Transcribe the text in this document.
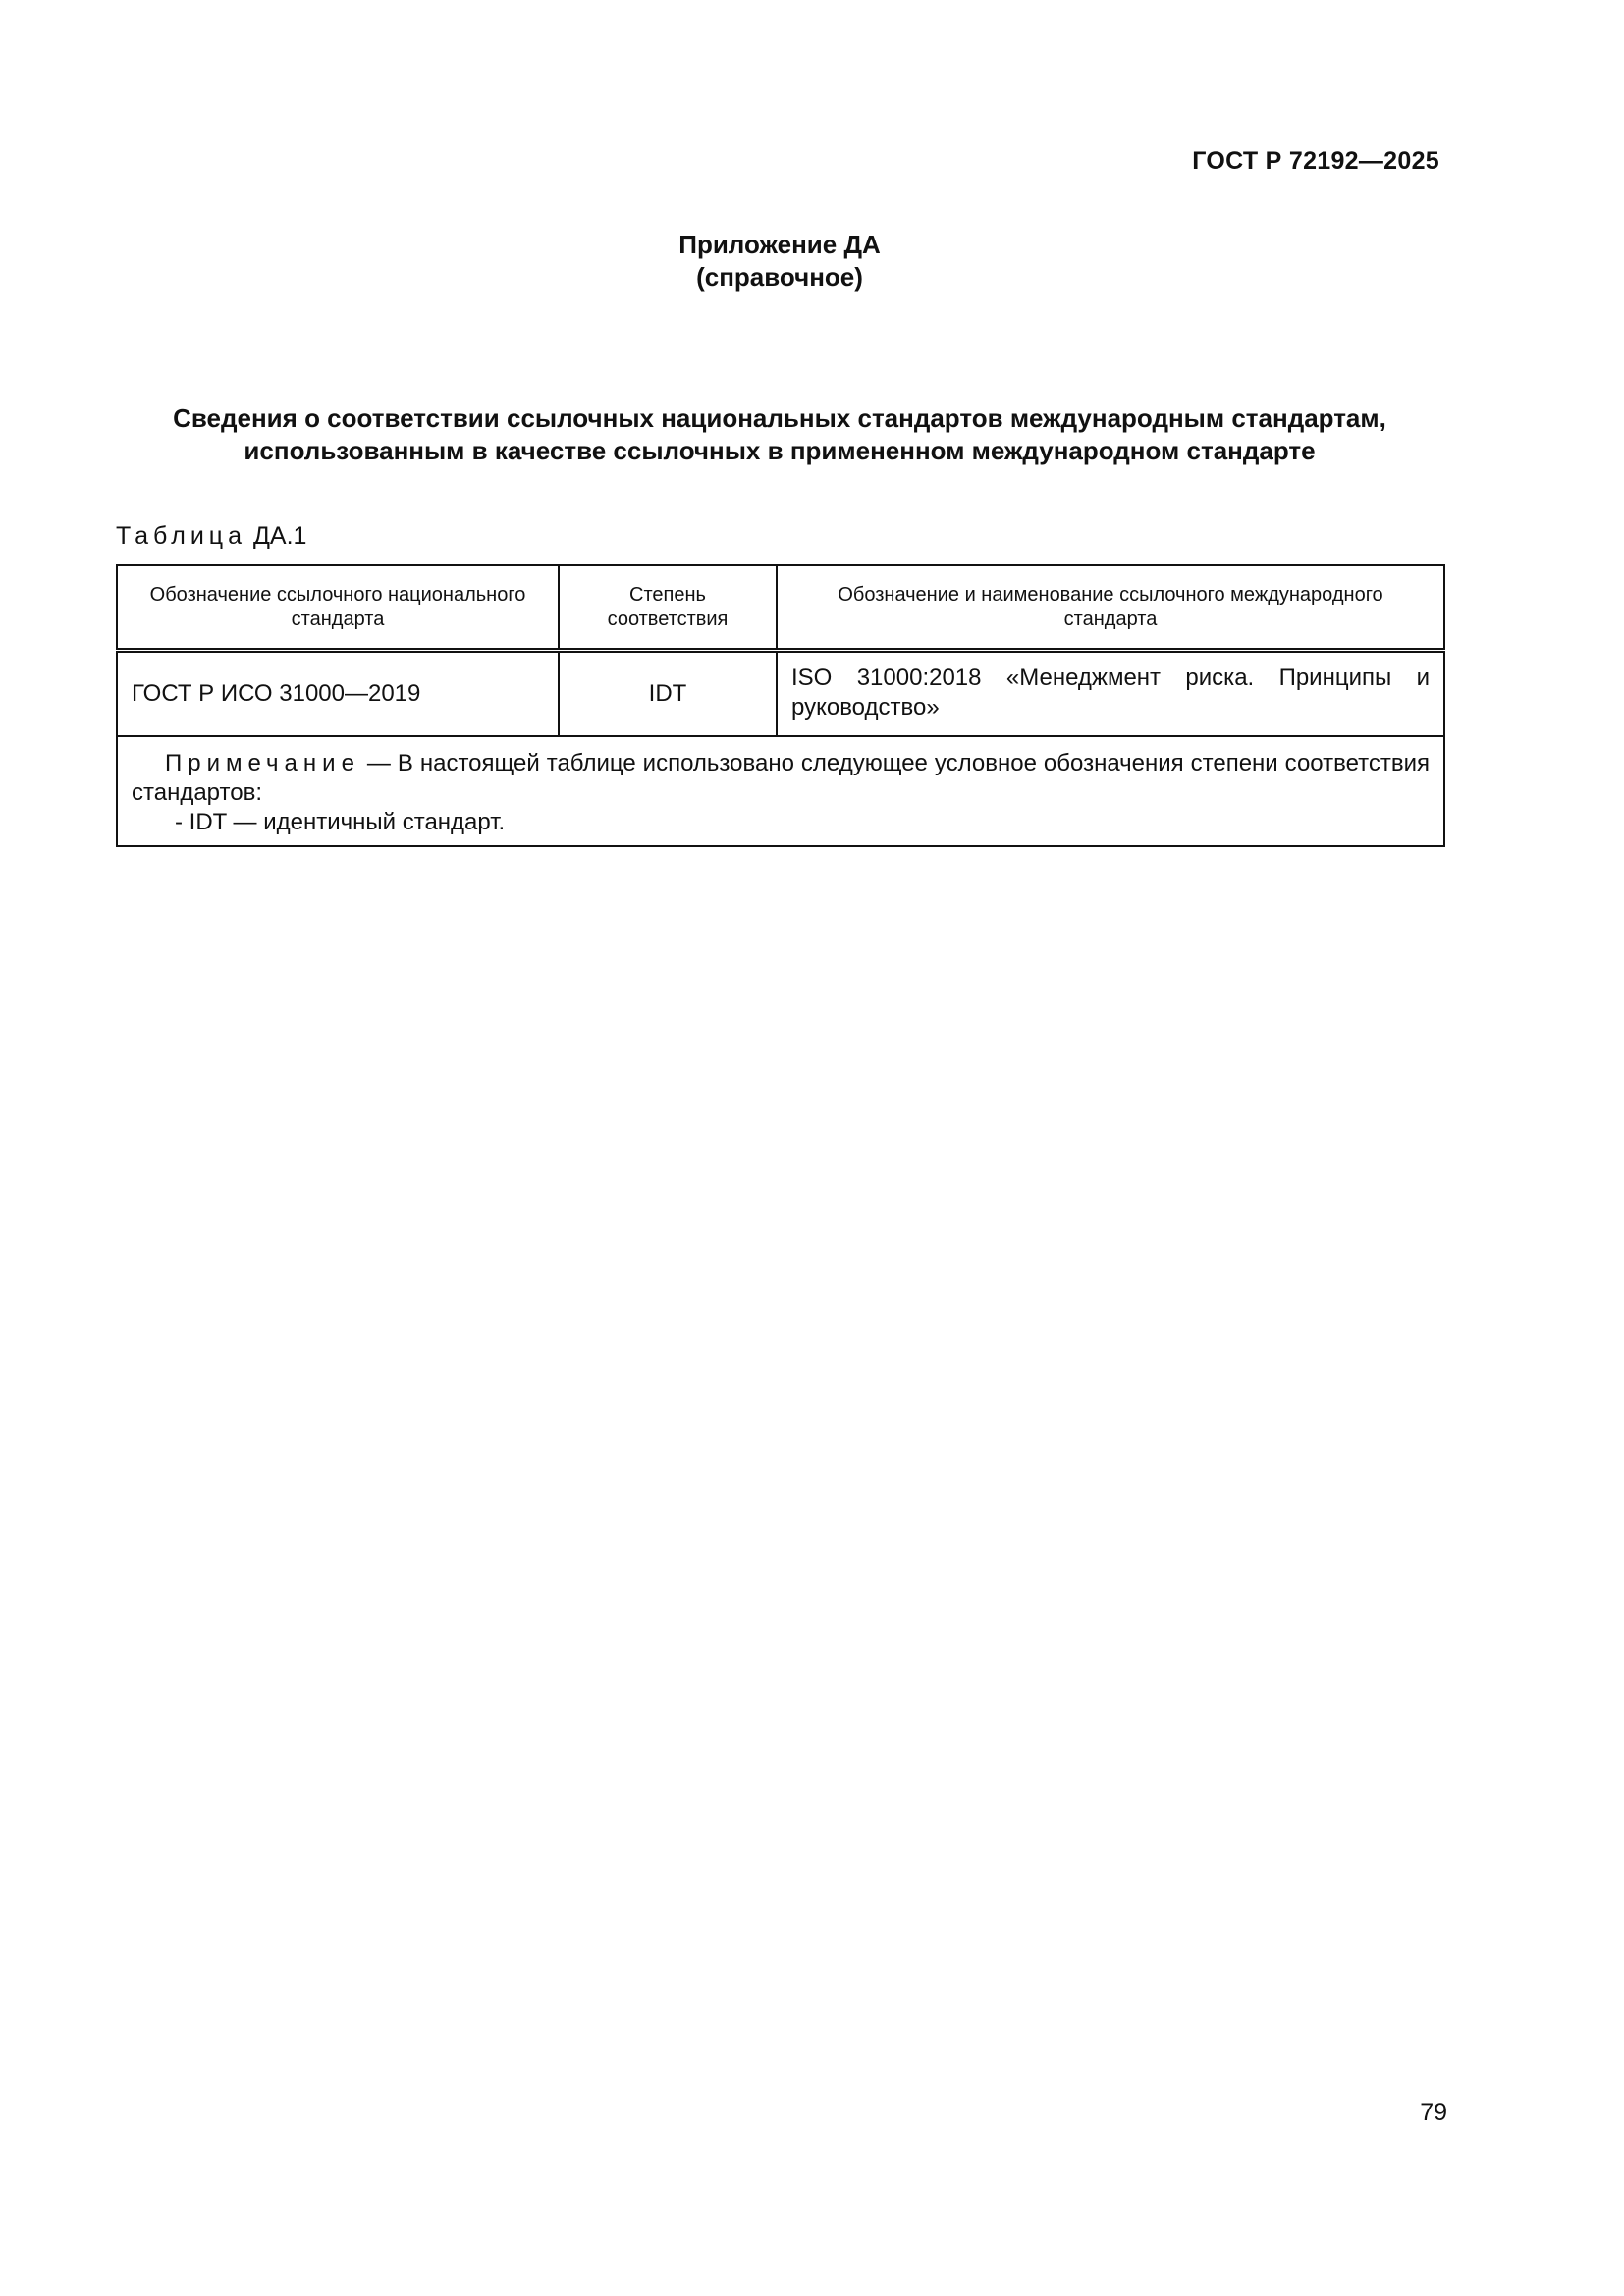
ГОСТ Р 72192—2025
Приложение ДА
(справочное)
Сведения о соответствии ссылочных национальных стандартов международным стандартам,
использованным в качестве ссылочных в примененном международном стандарте
Таблица ДА.1
Обозначение ссылочного национального стандарта	Степень соответствия	Обозначение и наименование ссылочного международного стандарта
ГОСТ Р ИСО 31000—2019	IDT	ISO 31000:2018 «Менеджмент риска. Принципы и руководство»
Примечание — В настоящей таблице использовано следующее условное обозначения степени соответствия стандартов:
- IDT — идентичный стандарт.		
79
